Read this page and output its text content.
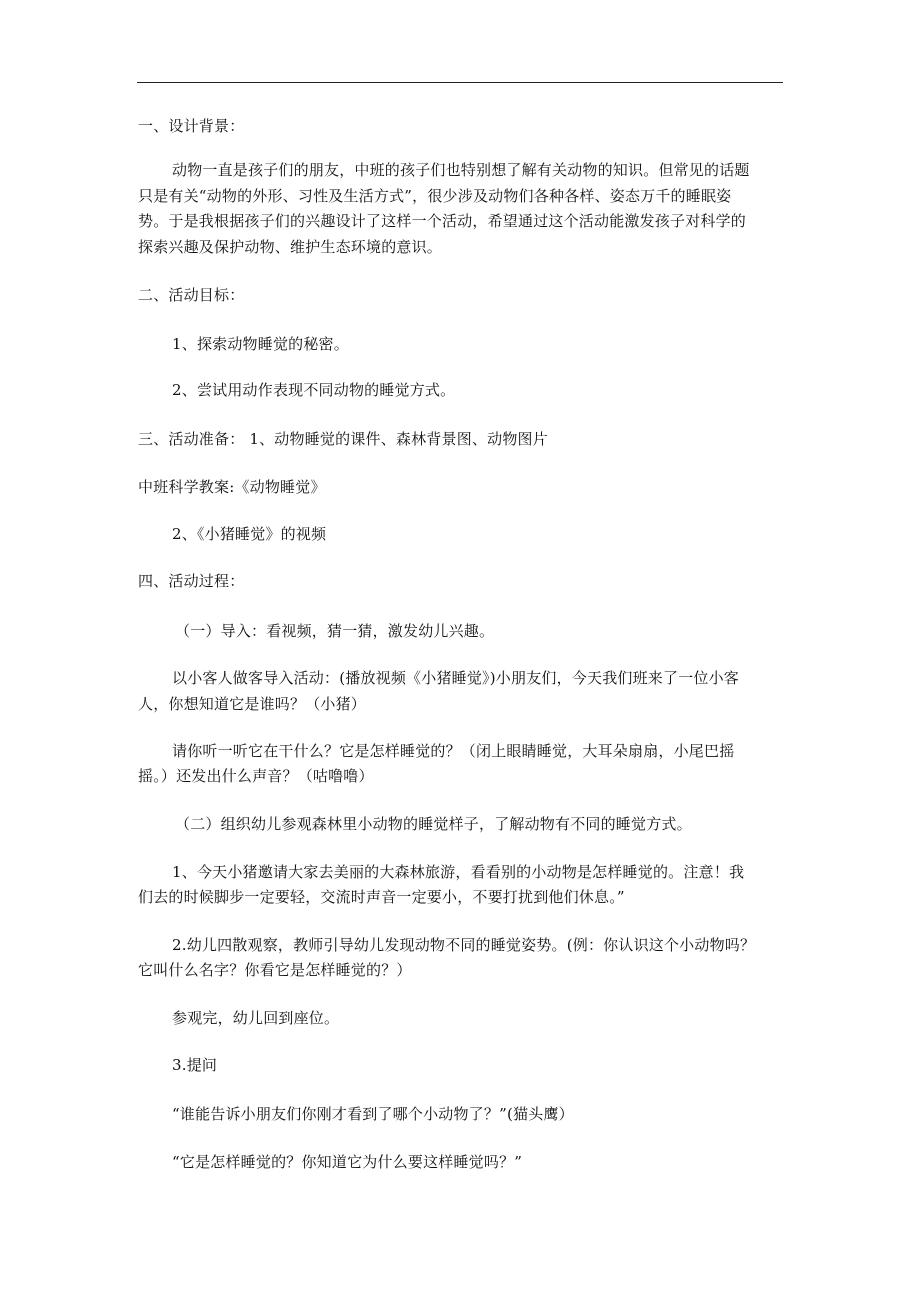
一、设计背景：
动物一直是孩子们的朋友，中班的孩子们也特别想了解有关动物的知识。但常见的话题
只是有关“动物的外形、习性及生活方式”，很少涉及动物们各种各样、姿态万千的睡眠姿
势。于是我根据孩子们的兴趣设计了这样一个活动，希望通过这个活动能激发孩子对科学的
探索兴趣及保护动物、维护生态环境的意识。
二、活动目标：
1、探索动物睡觉的秘密。
2、尝试用动作表现不同动物的睡觉方式。
三、活动准备： 1、动物睡觉的课件、森林背景图、动物图片
中班科学教案:《动物睡觉》
2、《小猪睡觉》的视频
四、活动过程：
（一）导入：看视频，猜一猜，激发幼儿兴趣。
以小客人做客导入活动：(播放视频《小猪睡觉》)小朋友们，今天我们班来了一位小客
人，你想知道它是谁吗？（小猪）
请你听一听它在干什么？它是怎样睡觉的？（闭上眼睛睡觉，大耳朵扇扇，小尾巴摇
摇。）还发出什么声音？（咕噜噜）
（二）组织幼儿参观森林里小动物的睡觉样子，了解动物有不同的睡觉方式。
1、今天小猪邀请大家去美丽的大森林旅游，看看别的小动物是怎样睡觉的。注意！我
们去的时候脚步一定要轻，交流时声音一定要小，不要打扰到他们休息。”
2.幼儿四散观察，教师引导幼儿发现动物不同的睡觉姿势。(例：你认识这个小动物吗？
它叫什么名字？你看它是怎样睡觉的？）
参观完，幼儿回到座位。
3.提问
“谁能告诉小朋友们你刚才看到了哪个小动物了？”(猫头鹰）
“它是怎样睡觉的？你知道它为什么要这样睡觉吗？”
